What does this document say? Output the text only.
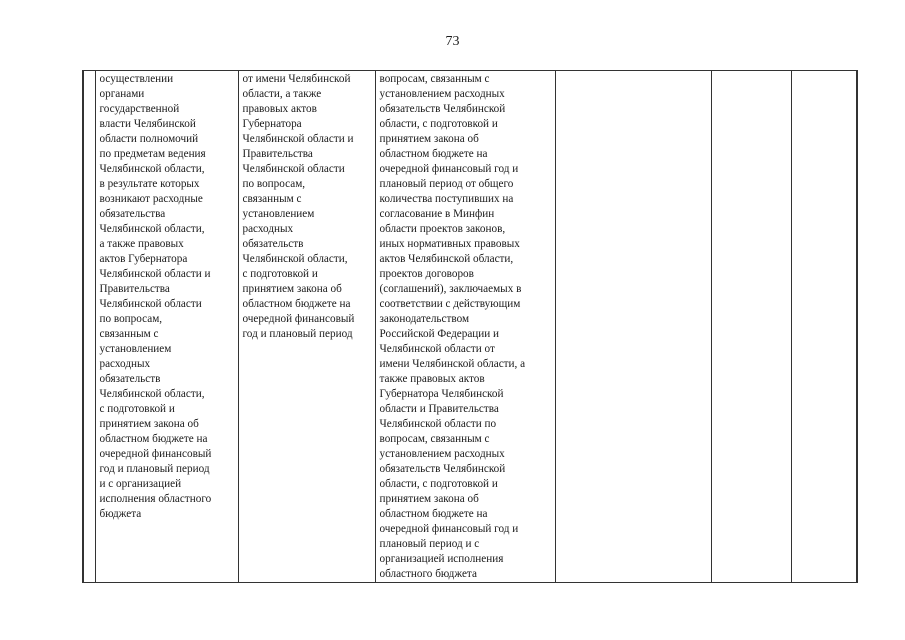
73
	осуществлении
органами
государственной
власти Челябинской
области полномочий
по предметам ведения
Челябинской области,
в результате которых
возникают расходные
обязательства
Челябинской области,
а также правовых
актов Губернатора
Челябинской области и
Правительства
Челябинской области
по вопросам,
связанным с
установлением
расходных
обязательств
Челябинской области,
с подготовкой и
принятием закона об
областном бюджете на
очередной финансовый
год и плановый период
и с организацией
исполнения областного
бюджета	от имени Челябинской
области, а также
правовых актов
Губернатора
Челябинской области и
Правительства
Челябинской области
по вопросам,
связанным с
установлением
расходных
обязательств
Челябинской области,
с подготовкой и
принятием закона об
областном бюджете на
очередной финансовый
год и плановый период	вопросам, связанным с
установлением расходных
обязательств Челябинской
области, с подготовкой и
принятием закона об
областном бюджете на
очередной финансовый год и
плановый период от общего
количества поступивших на
согласование в Минфин
области проектов законов,
иных нормативных правовых
актов Челябинской области,
проектов договоров
(соглашений), заключаемых в
соответствии с действующим
законодательством
Российской Федерации и
Челябинской области от
имени Челябинской области, а
также правовых актов
Губернатора Челябинской
области и Правительства
Челябинской области по
вопросам, связанным с
установлением расходных
обязательств Челябинской
области, с подготовкой и
принятием закона об
областном бюджете на
очередной финансовый год и
плановый период и с
организацией исполнения
областного бюджета			
